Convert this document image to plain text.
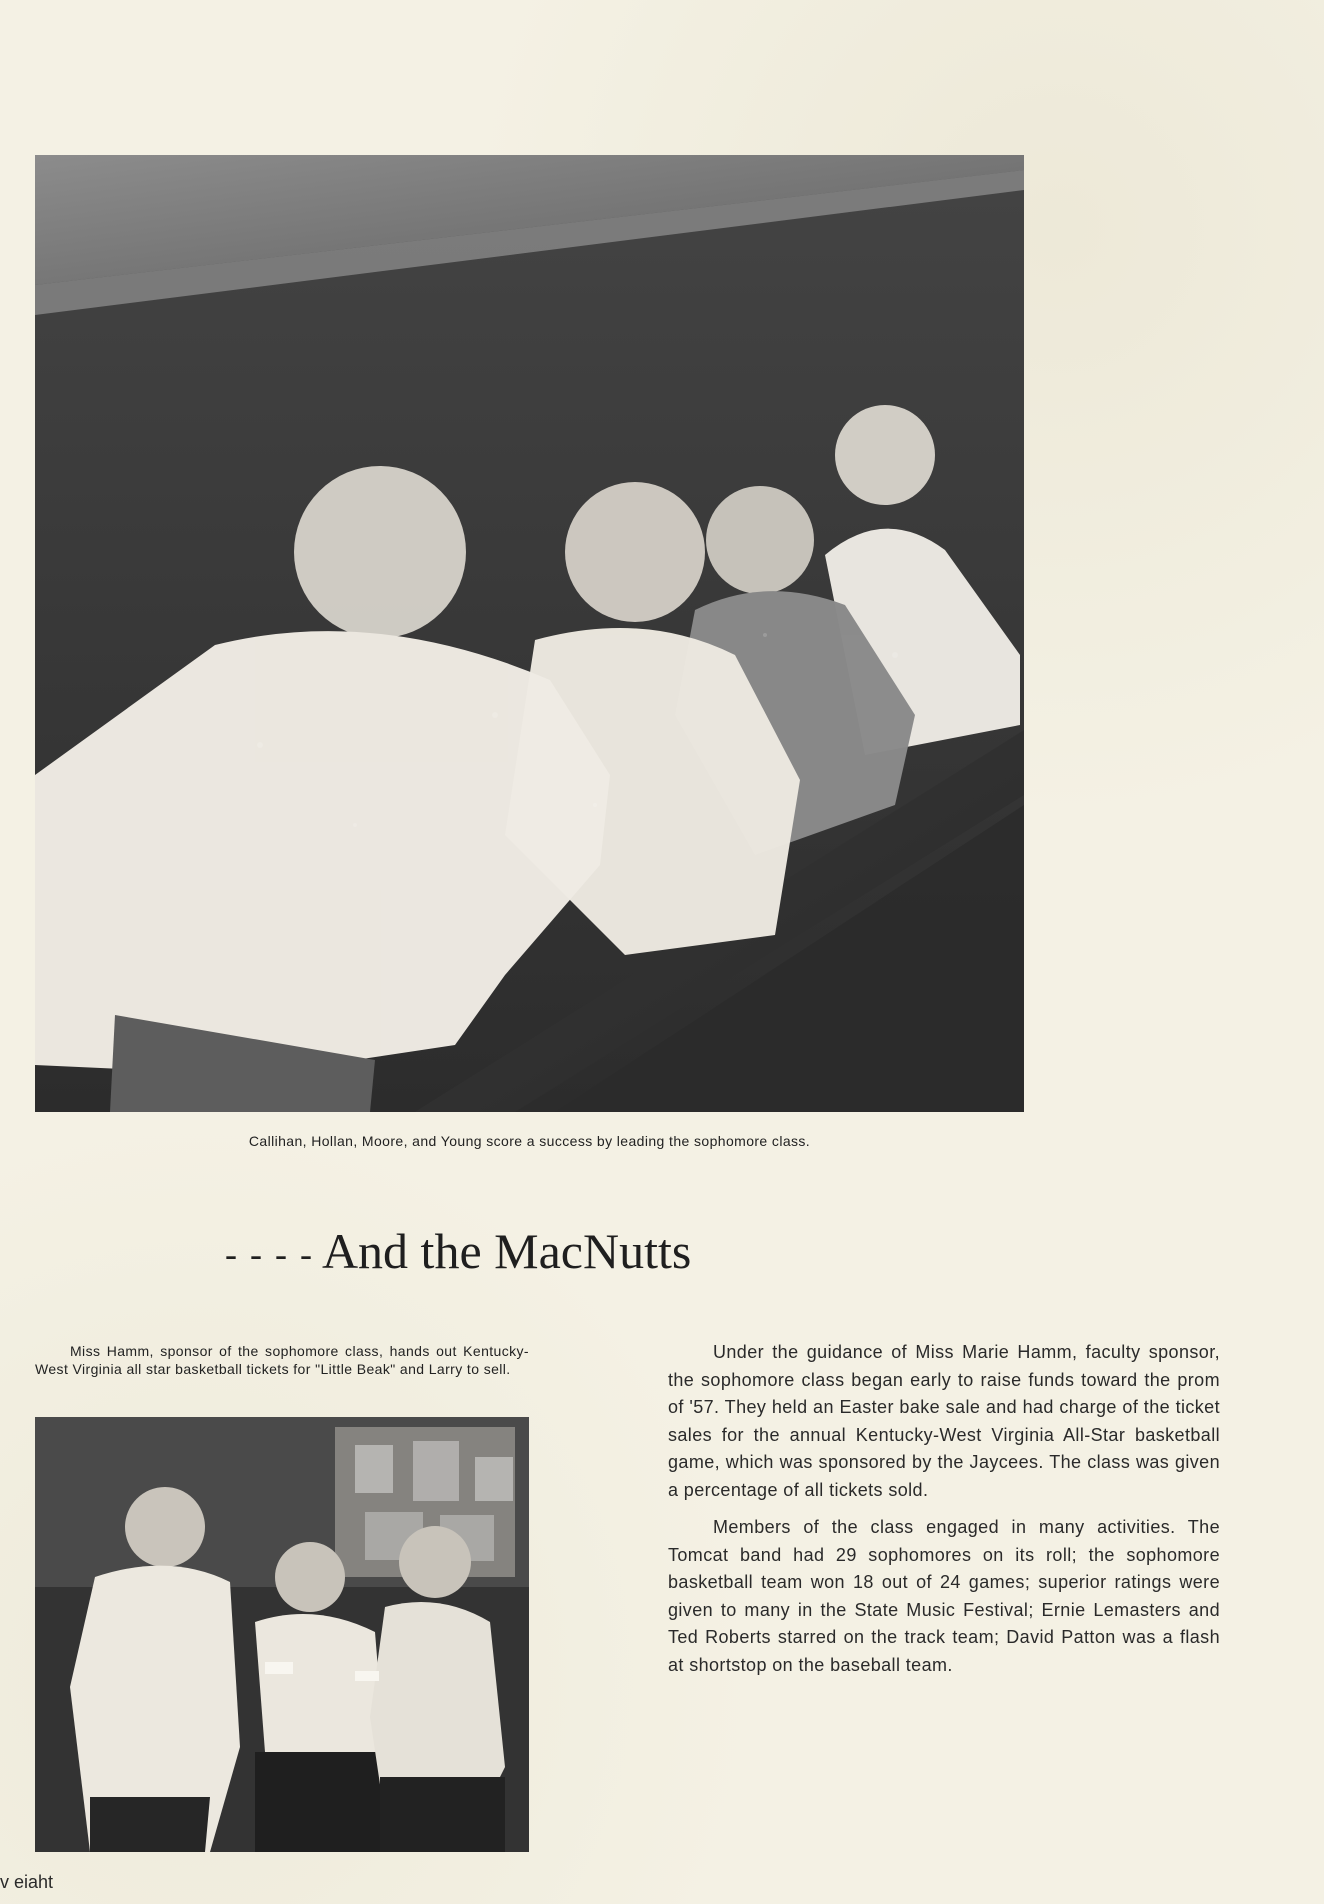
Callihan, Hollan, Moore, and Young score a success by leading the sophomore class.
- - - - And the MacNutts
Miss Hamm, sponsor of the sophomore class, hands out Kentucky-West Virginia all star basketball tickets for "Little Beak" and Larry to sell.

Under the guidance of Miss Marie Hamm, faculty sponsor, the sophomore class began early to raise funds toward the prom of '57. They held an Easter bake sale and had charge of the ticket sales for the annual Kentucky-West Virginia All-Star basketball game, which was sponsored by the Jaycees. The class was given a percentage of all tickets sold.

Members of the class engaged in many activities. The Tomcat band had 29 sophomores on its roll; the sophomore basketball team won 18 out of 24 games; superior ratings were given to many in the State Music Festival; Ernie Lemasters and Ted Roberts starred on the track team; David Patton was a flash at shortstop on the baseball team.

v eiaht
